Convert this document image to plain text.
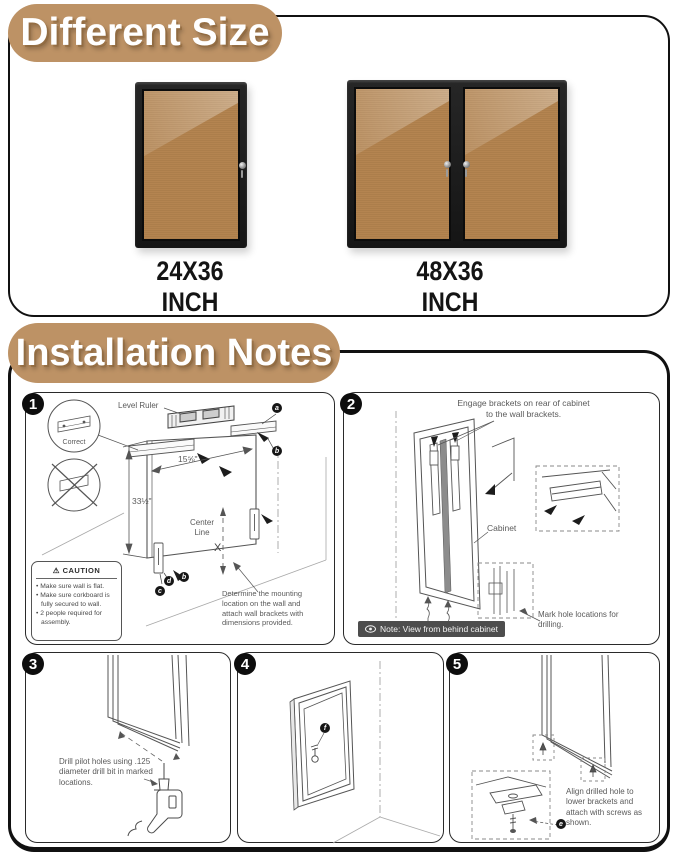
Different Size
24X36 INCH
48X36 INCH
Installation Notes
1	Level Ruler
Correct
15⅝"
33½"
Center Line
X
a
b
c
d
b
⚠ CAUTION
• Make sure wall is flat.
• Make sure corkboard is fully secured to wall.
• 2 people required for assembly.
Determine the mounting location on the wall and attach wall brackets with dimensions provided.
2	Engage brackets on rear of cabinet to the wall brackets.
Cabinet
Mark hole locations for drilling.
Note: View from behind cabinet
3
Drill pilot holes using .125 diameter drill bit in marked locations.
4
f
5
e
Align drilled hole to lower brackets and attach with screws as shown.
